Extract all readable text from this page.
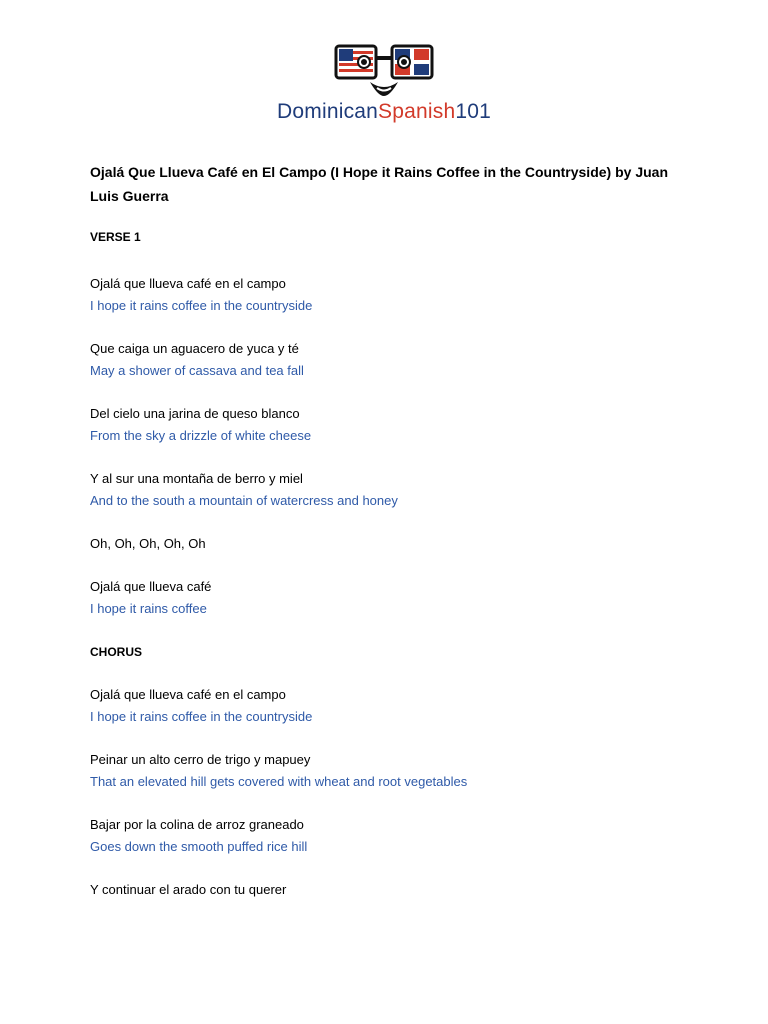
DominicanSpanish101

Ojalá Que Llueva Café en El Campo (I Hope it Rains Coffee in the Countryside) by Juan Luis Guerra

VERSE 1

Ojalá que llueva café en el campo

I hope it rains coffee in the countryside

Que caiga un aguacero de yuca y té

May a shower of cassava and tea fall

Del cielo una jarina de queso blanco

From the sky a drizzle of white cheese

Y al sur una montaña de berro y miel

And to the south a mountain of watercress and honey

Oh, Oh, Oh, Oh, Oh

Ojalá que llueva café

I hope it rains coffee

CHORUS

Ojalá que llueva café en el campo

I hope it rains coffee in the countryside

Peinar un alto cerro de trigo y mapuey

That an elevated hill gets covered with wheat and root vegetables

Bajar por la colina de arroz graneado

Goes down the smooth puffed rice hill

Y continuar el arado con tu querer
